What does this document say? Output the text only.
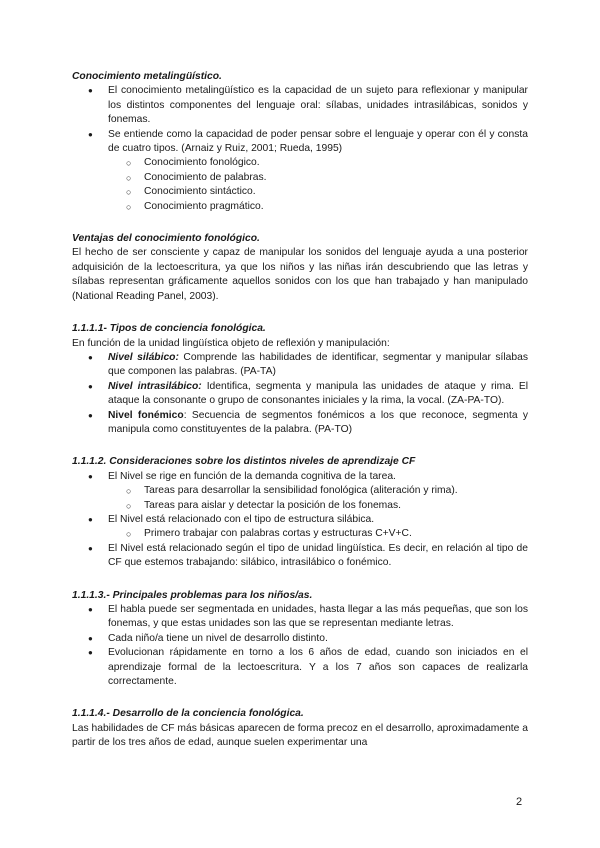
Conocimiento metalingüístico.

● El conocimiento metalingüístico es la capacidad de un sujeto para reflexionar y manipular los distintos componentes del lenguaje oral: sílabas, unidades intrasilábicas, sonidos y fonemas.
● Se entiende como la capacidad de poder pensar sobre el lenguaje y operar con él y consta de cuatro tipos. (Arnaiz y Ruiz, 2001; Rueda, 1995)
○ Conocimiento fonológico.
○ Conocimiento de palabras.
○ Conocimiento sintáctico.
○ Conocimiento pragmático.

Ventajas del conocimiento fonológico.

El hecho de ser consciente y capaz de manipular los sonidos del lenguaje ayuda a una posterior adquisición de la lectoescritura, ya que los niños y las niñas irán descubriendo que las letras y sílabas representan gráficamente aquellos sonidos con los que han trabajado y han manipulado (National Reading Panel, 2003).

1.1.1.1- Tipos de conciencia fonológica.

En función de la unidad lingüística objeto de reflexión y manipulación:

● Nivel silábico: Comprende las habilidades de identificar, segmentar y manipular sílabas que componen las palabras. (PA-TA)
● Nivel intrasilábico: Identifica, segmenta y manipula las unidades de ataque y rima. El ataque la consonante o grupo de consonantes iniciales y la rima, la vocal. (ZA-PA-TO).
● Nivel fonémico: Secuencia de segmentos fonémicos a los que reconoce, segmenta y manipula como constituyentes de la palabra. (PA-TO)

1.1.1.2. Consideraciones sobre los distintos niveles de aprendizaje CF

● El Nivel se rige en función de la demanda cognitiva de la tarea.
○ Tareas para desarrollar la sensibilidad fonológica (aliteración y rima).
○ Tareas para aislar y detectar la posición de los fonemas.
● El Nivel está relacionado con el tipo de estructura silábica.
○ Primero trabajar con palabras cortas y estructuras C+V+C.
● El Nivel está relacionado según el tipo de unidad lingüística. Es decir, en relación al tipo de CF que estemos trabajando: silábico, intrasilábico o fonémico.

1.1.1.3.- Principales problemas para los niños/as.

● El habla puede ser segmentada en unidades, hasta llegar a las más pequeñas, que son los fonemas, y que estas unidades son las que se representan mediante letras.
● Cada niño/a tiene un nivel de desarrollo distinto.
● Evolucionan rápidamente en torno a los 6 años de edad, cuando son iniciados en el aprendizaje formal de la lectoescritura. Y a los 7 años son capaces de realizarla correctamente.

1.1.1.4.- Desarrollo de la conciencia fonológica.

Las habilidades de CF más básicas aparecen de forma precoz en el desarrollo, aproximadamente a partir de los tres años de edad, aunque suelen experimentar una

2
